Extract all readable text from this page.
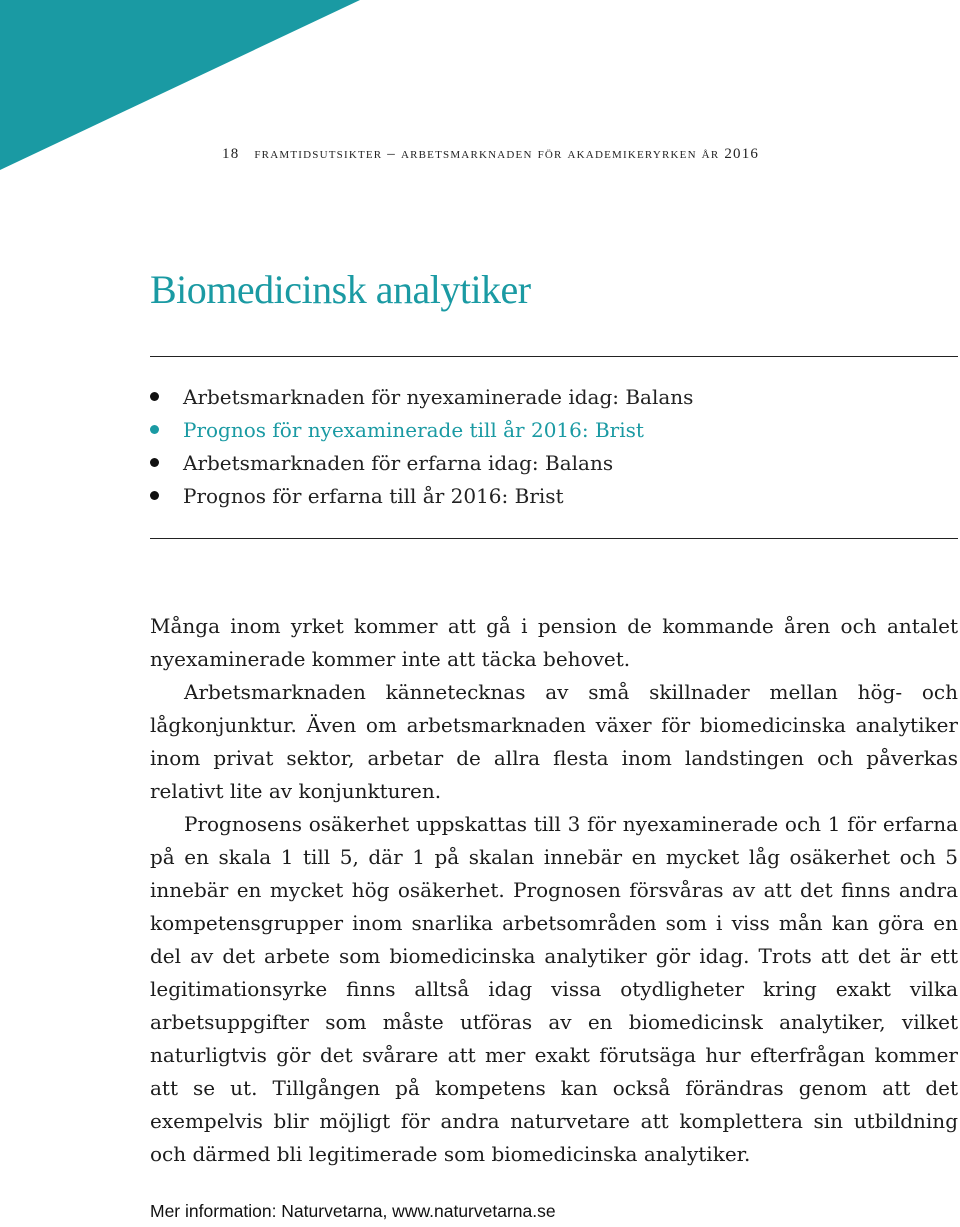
18 framtidsutsikter – arbetsmarknaden för akademikeryrken år 2016
Biomedicinsk analytiker
Arbetsmarknaden för nyexaminerade idag: Balans
Prognos för nyexaminerade till år 2016: Brist
Arbetsmarknaden för erfarna idag: Balans
Prognos för erfarna till år 2016: Brist

Många inom yrket kommer att gå i pension de kommande åren och antalet nyexaminerade kommer inte att täcka behovet.

Arbetsmarknaden kännetecknas av små skillnader mellan hög- och lågkonjunktur. Även om arbetsmarknaden växer för biomedicinska analytiker inom privat sektor, arbetar de allra flesta inom landstingen och påverkas relativt lite av konjunkturen.

Prognosens osäkerhet uppskattas till 3 för nyexaminerade och 1 för erfarna på en skala 1 till 5, där 1 på skalan innebär en mycket låg osäkerhet och 5 innebär en mycket hög osäkerhet. Prognosen försvåras av att det finns andra kompetensgrupper inom snarlika arbetsområden som i viss mån kan göra en del av det arbete som biomedicinska analytiker gör idag. Trots att det är ett legitimationsyrke finns alltså idag vissa otydligheter kring exakt vilka arbetsuppgifter som måste utföras av en biomedicinsk analytiker, vilket naturligtvis gör det svårare att mer exakt förutsäga hur efterfrågan kommer att se ut. Tillgången på kompetens kan också förändras genom att det exempelvis blir möjligt för andra naturvetare att komplettera sin utbildning och därmed bli legitimerade som biomedicinska analytiker.

Mer information: Naturvetarna, www.naturvetarna.se
